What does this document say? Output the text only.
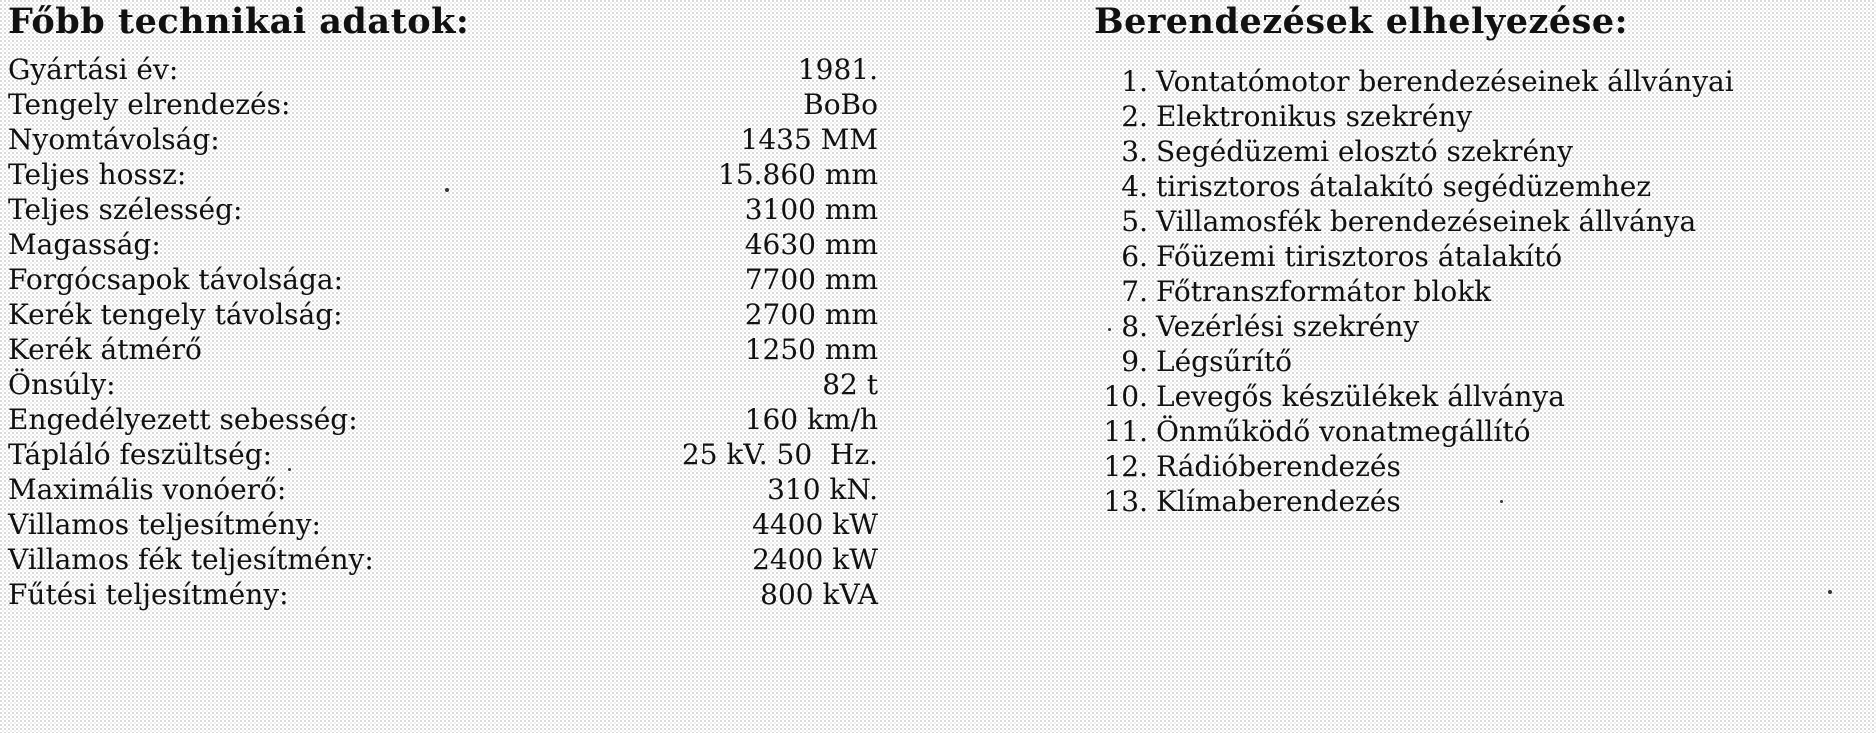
Főbb technikai adatok:
Gyártási év:	1981.
Tengely elrendezés:	BoBo
Nyomtávolság:	1435 MM
Teljes hossz:	15.860 mm
Teljes szélesség:	3100 mm
Magasság:	4630 mm
Forgócsapok távolsága:	7700 mm
Kerék tengely távolság:	2700 mm
Kerék átmérő	1250 mm
Önsúly:	82 t
Engedélyezett sebesség:	160 km/h
Tápláló feszültség:	25 kV. 50  Hz.
Maximális vonóerő:	310 kN.
Villamos teljesítmény:	4400 kW
Villamos fék teljesítmény:	2400 kW
Fűtési teljesítmény:	800 kVA
Berendezések elhelyezése:
1. Vontatómotor berendezéseinek állványai
2. Elektronikus szekrény
3. Segédüzemi elosztó szekrény
4. tirisztoros átalakító segédüzemhez
5. Villamosfék berendezéseinek állványa
6. Főüzemi tirisztoros átalakító
7. Főtranszformátor blokk
8. Vezérlési szekrény
9. Légsűrítő
10. Levegős készülékek állványa
11. Önműködő vonatmegállító
12. Rádióberendezés
13. Klímaberendezés
